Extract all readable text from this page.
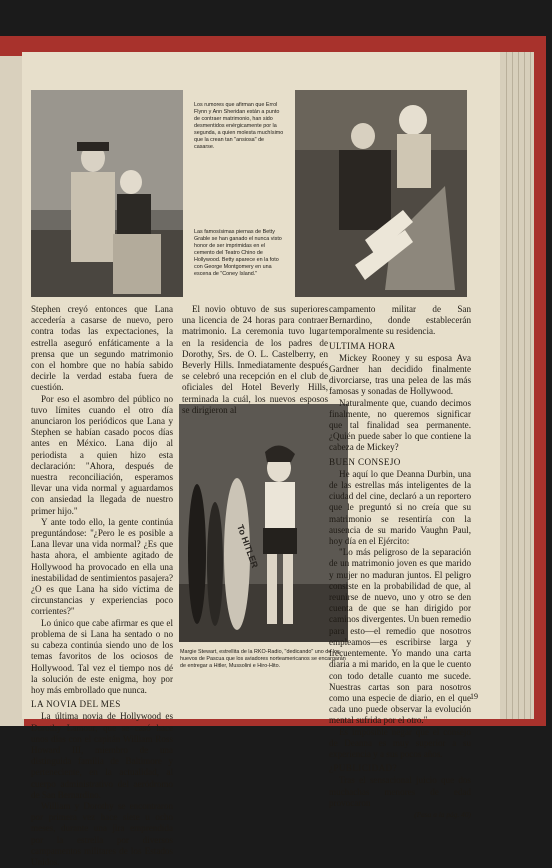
Los rumores que afirman que Errol Flynn y Ann Sheridan están a punto de contraer matrimonio, han sido desmentidos enérgicamente por la segunda, a quien molesta muchísimo que la crean tan "ansiosa" de casarse.
Las famosísimas piernas de Betty Grable se han ganado el nunca visto honor de ser imprimidas en el cemento del Teatro Chino de Hollywood. Betty aparece en la foto con George Montgomery en una escena de "Coney Island."
To HITLER
Margie Stewart, estrellita de la RKO-Radio, "dedicando" uno de los huevos de Pascua que los aviadores norteamericanos se encargarán de entregar a Hitler, Mussolini e Hiro-Hito.

Stephen creyó entonces que Lana accedería a casarse de nuevo, pero contra todas las expectaciones, la estrella aseguró enfáticamente a la prensa que un segundo matrimonio con el hombre que no había sabido decirle la verdad estaba fuera de cuestión.

Por eso el asombro del público no tuvo límites cuando el otro día anunciaron los periódicos que Lana y Stephen se habían casado pocos días antes en México. Lana dijo al periodista a quien hizo esta declaración: "Ahora, después de nuestra reconciliación, esperamos llevar una vida normal y aguardamos con ansiedad la llegada de nuestro primer hijo."

Y ante todo ello, la gente continúa preguntándose: "¿Pero le es posible a Lana llevar una vida normal? ¿Es que hasta ahora, el ambiente agitado de Hollywood ha provocado en ella una inestabilidad de sentimientos pasajera? ¿O es que Lana ha sido víctima de circunstancias y experiencias poco corrientes?"

Lo único que cabe afirmar es que el problema de si Lana ha sentado o no su cabeza continúa siendo uno de los temas favoritos de los ociosos de Hollywood. Tal vez el tiempo nos dé la solución de este enigma, hoy por hoy más embrollado que nunca.

LA NOVIA DEL MES

La última novia de Hollywood es Dorothy Lamour, que se casó hace unos días con el capitán William Ross Howard III, miembro de una distinguida familia de Baltimore y perteneciente, en la actualidad, al cuerpo administrativo del aeródromo de San Bernardino.

William y Dorothy se encontraron por primera vez hace siete u ocho meses, durante una jira emprendida por la estrella por diversos campamentos militares de los Estados Unidos.

El novio obtuvo de sus superiores una licencia de 24 horas para contraer matrimonio. La ceremonia tuvo lugar en la residencia de los padres de Dorothy, Srs. de O. L. Castelberry, en Beverly Hills. Inmediatamente después se celebró una recepción en el club de oficiales del Hotel Beverly Hills, terminada la cuál, los nuevos esposos se dirigieron al

campamento militar de San Bernardino, donde establecerán temporalmente su residencia.

ULTIMA HORA

Mickey Rooney y su esposa Ava Gardner han decidido finalmente divorciarse, tras una pelea de las más famosas y sonadas de Hollywood.

Naturalmente que, cuando decimos finalmente, no queremos significar que tal finalidad sea permanente. ¿Quién puede saber lo que contiene la cabeza de Mickey?

BUEN CONSEJO

He aquí lo que Deanna Durbin, una de las estrellas más inteligentes de la ciudad del cine, declaró a un reportero que le preguntó si no creía que su matrimonio se resentiría con la ausencia de su marido Vaughn Paul, hoy día en el Ejército:

"Lo más peligroso de la separación de un matrimonio joven es que marido y mujer no maduran juntos. El peligro consiste en la probabilidad de que, al reunirse de nuevo, uno y otro se den cuenta de que se han dirigido por caminos divergentes. Un buen remedio para esto—el remedio que nosotros empleamos—es escribirse larga y frecuentemente. Yo mando una carta diaria a mi marido, en la que le cuento con todo detalle cuanto me sucede. Nuestras cartas son para nosotros como una especie de diario, en el que cada uno puede observar la evolución mental sufrida por el otro."

Es imposible negar que el consejo de Deanna es muy superior a su experiencia y a sus pocos años.

¿PUBLICIDAD?

Tras el sensacional juicio que dos muchachas menores de edad provocaron

(Pasa a la pág. 40)
19
